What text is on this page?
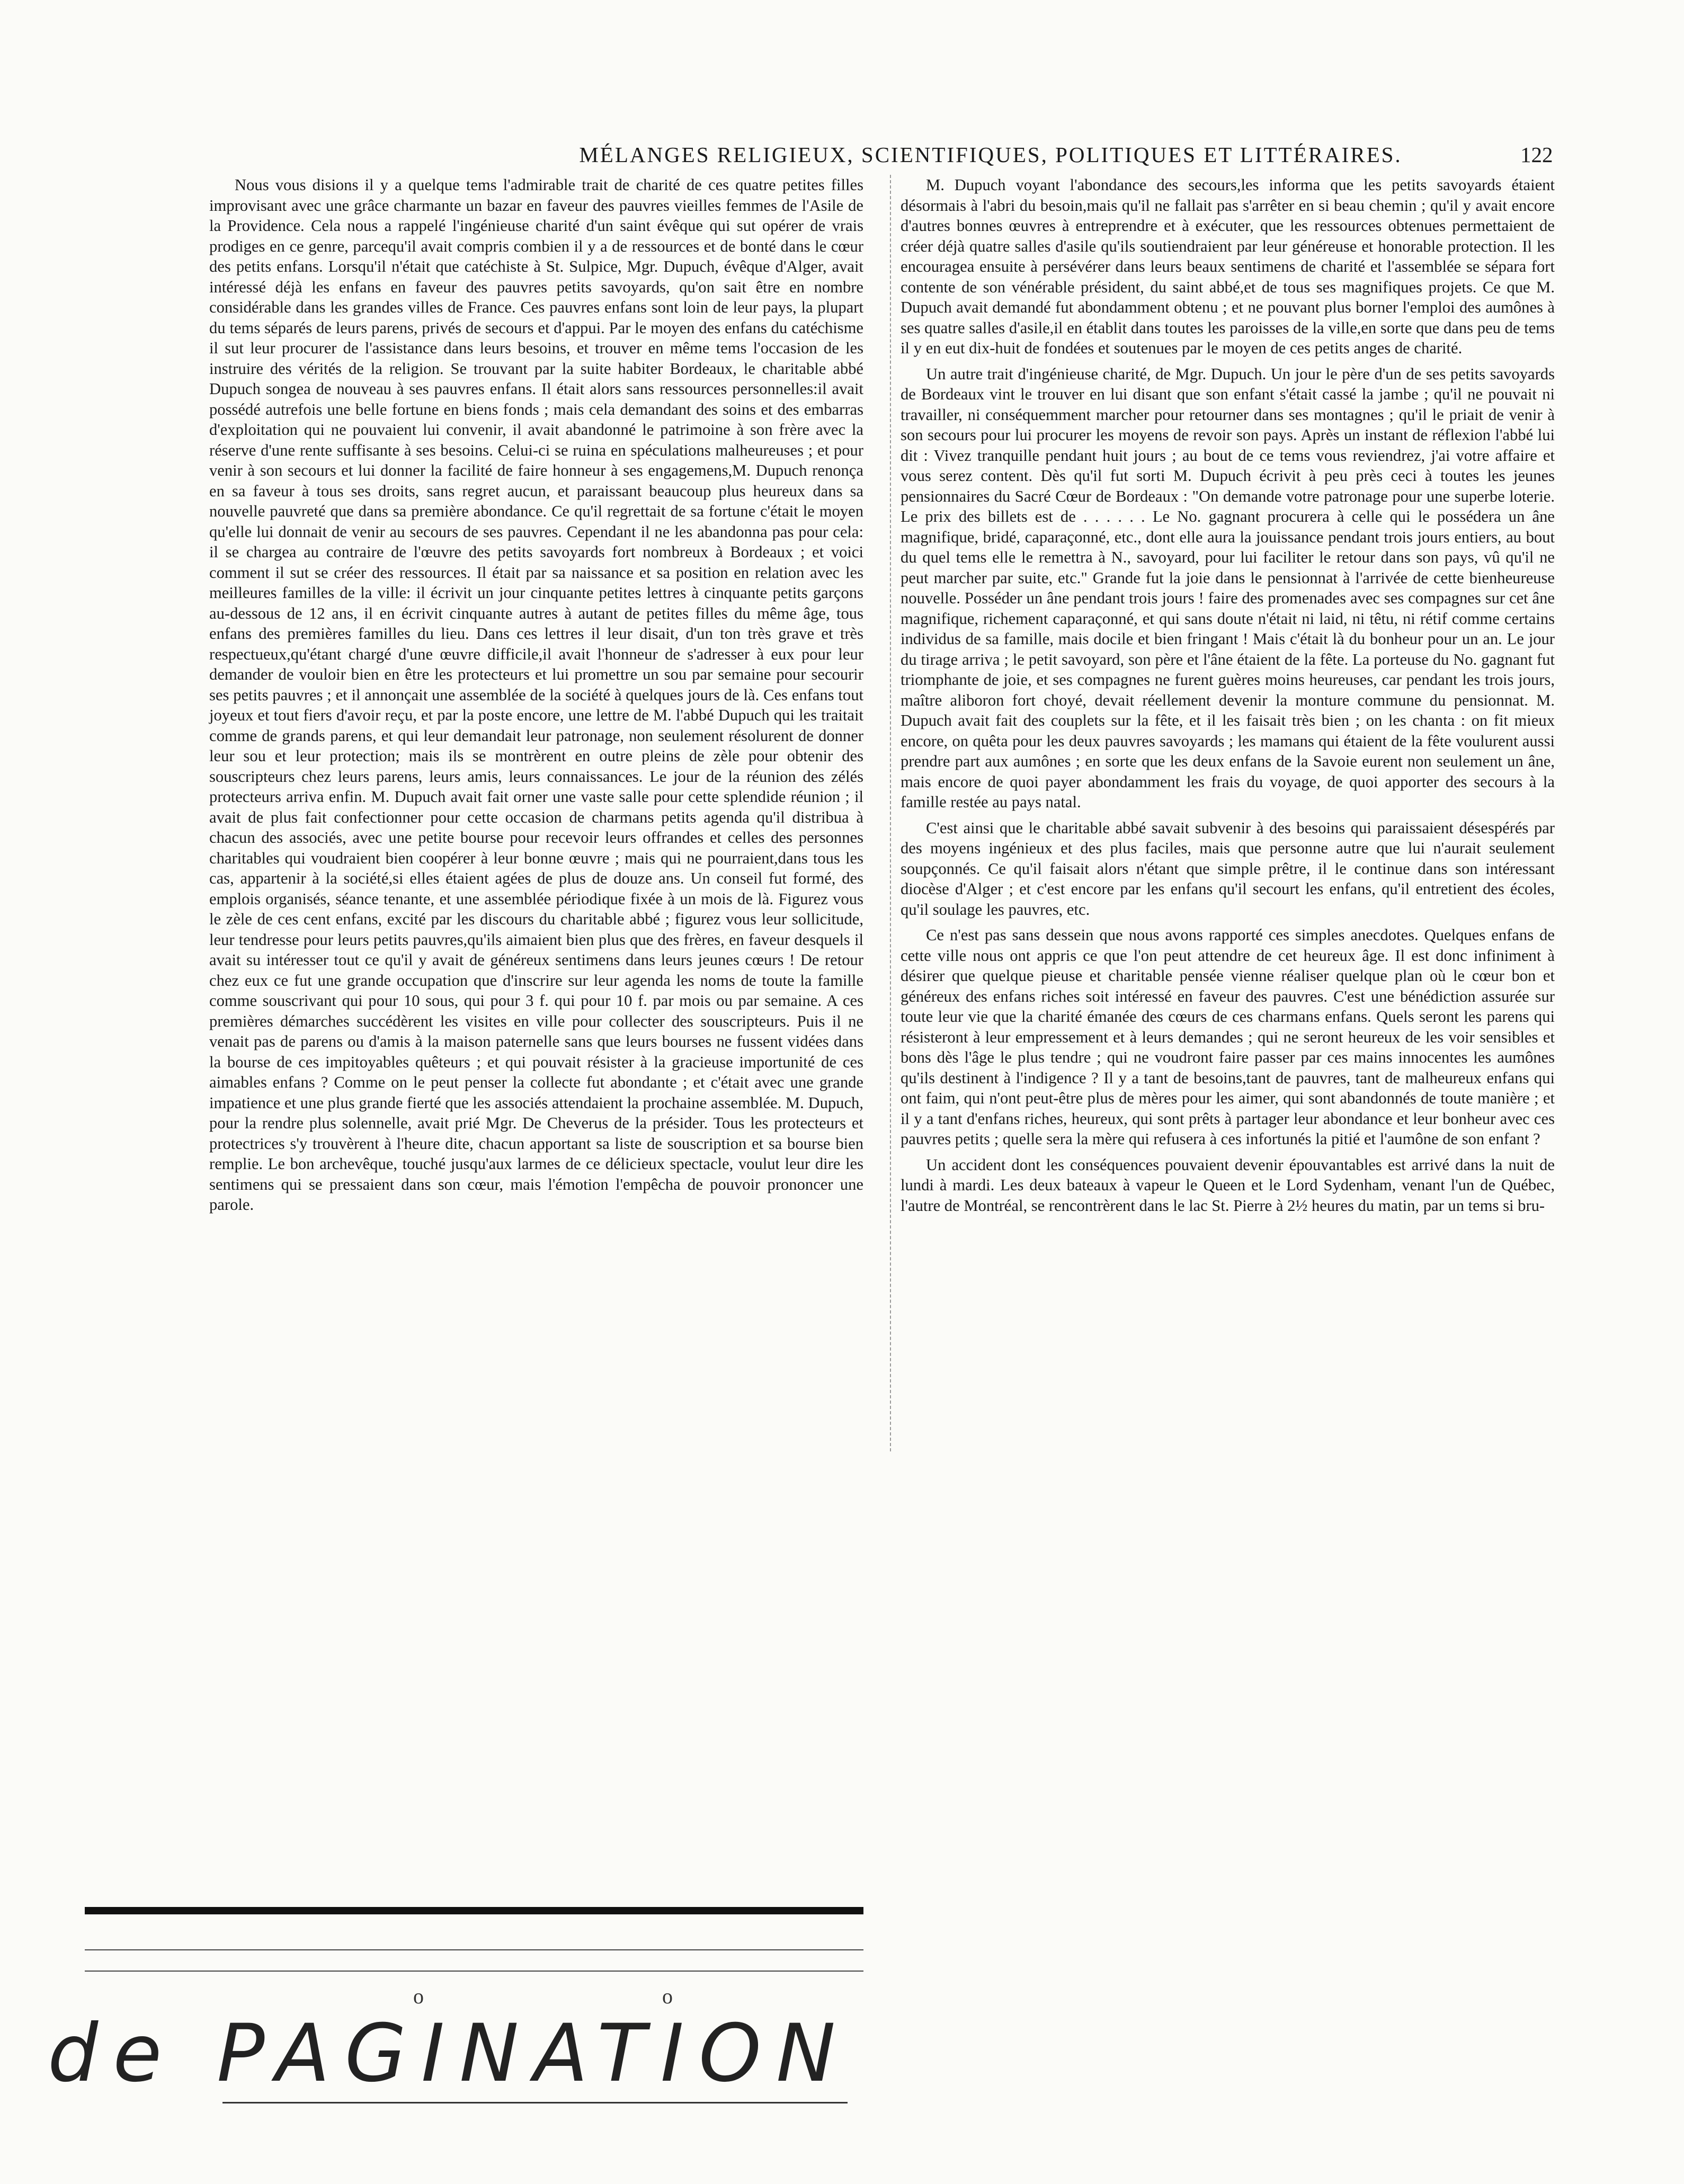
MÉLANGES RELIGIEUX, SCIENTIFIQUES, POLITIQUES ET LITTÉRAIRES.	122

Nous vous disions il y a quelque tems l'admirable trait de charité de ces quatre petites filles improvisant avec une grâce charmante un bazar en faveur des pauvres vieilles femmes de l'Asile de la Providence. Cela nous a rappelé l'ingénieuse charité d'un saint évêque qui sut opérer de vrais prodiges en ce genre, parcequ'il avait compris combien il y a de ressources et de bonté dans le cœur des petits enfans. Lorsqu'il n'était que catéchiste à St. Sulpice, Mgr. Dupuch, évêque d'Alger, avait intéressé déjà les enfans en faveur des pauvres petits savoyards, qu'on sait être en nombre considérable dans les grandes villes de France. Ces pauvres enfans sont loin de leur pays, la plupart du tems séparés de leurs parens, privés de secours et d'appui. Par le moyen des enfans du catéchisme il sut leur procurer de l'assistance dans leurs besoins, et trouver en même tems l'occasion de les instruire des vérités de la religion. Se trouvant par la suite habiter Bordeaux, le charitable abbé Dupuch songea de nouveau à ses pauvres enfans. Il était alors sans ressources personnelles:il avait possédé autrefois une belle fortune en biens fonds ; mais cela demandant des soins et des embarras d'exploitation qui ne pouvaient lui convenir, il avait abandonné le patrimoine à son frère avec la réserve d'une rente suffisante à ses besoins. Celui-ci se ruina en spéculations malheureuses ; et pour venir à son secours et lui donner la facilité de faire honneur à ses engagemens,M. Dupuch renonça en sa faveur à tous ses droits, sans regret aucun, et paraissant beaucoup plus heureux dans sa nouvelle pauvreté que dans sa première abondance. Ce qu'il regrettait de sa fortune c'était le moyen qu'elle lui donnait de venir au secours de ses pauvres. Cependant il ne les abandonna pas pour cela: il se chargea au contraire de l'œuvre des petits savoyards fort nombreux à Bordeaux ; et voici comment il sut se créer des ressources. Il était par sa naissance et sa position en relation avec les meilleures familles de la ville: il écrivit un jour cinquante petites lettres à cinquante petits garçons au-dessous de 12 ans, il en écrivit cinquante autres à autant de petites filles du même âge, tous enfans des premières familles du lieu. Dans ces lettres il leur disait, d'un ton très grave et très respectueux,qu'étant chargé d'une œuvre difficile,il avait l'honneur de s'adresser à eux pour leur demander de vouloir bien en être les protecteurs et lui promettre un sou par semaine pour secourir ses petits pauvres ; et il annonçait une assemblée de la société à quelques jours de là. Ces enfans tout joyeux et tout fiers d'avoir reçu, et par la poste encore, une lettre de M. l'abbé Dupuch qui les traitait comme de grands parens, et qui leur demandait leur patronage, non seulement résolurent de donner leur sou et leur protection; mais ils se montrèrent en outre pleins de zèle pour obtenir des souscripteurs chez leurs parens, leurs amis, leurs connaissances. Le jour de la réunion des zélés protecteurs arriva enfin. M. Dupuch avait fait orner une vaste salle pour cette splendide réunion ; il avait de plus fait confectionner pour cette occasion de charmans petits agenda qu'il distribua à chacun des associés, avec une petite bourse pour recevoir leurs offrandes et celles des personnes charitables qui voudraient bien coopérer à leur bonne œuvre ; mais qui ne pourraient,dans tous les cas, appartenir à la société,si elles étaient agées de plus de douze ans. Un conseil fut formé, des emplois organisés, séance tenante, et une assemblée périodique fixée à un mois de là. Figurez vous le zèle de ces cent enfans, excité par les discours du charitable abbé ; figurez vous leur sollicitude, leur tendresse pour leurs petits pauvres,qu'ils aimaient bien plus que des frères, en faveur desquels il avait su intéresser tout ce qu'il y avait de généreux sentimens dans leurs jeunes cœurs ! De retour chez eux ce fut une grande occupation que d'inscrire sur leur agenda les noms de toute la famille comme souscrivant qui pour 10 sous, qui pour 3 f. qui pour 10 f. par mois ou par semaine. A ces premières démarches succédèrent les visites en ville pour collecter des souscripteurs. Puis il ne venait pas de parens ou d'amis à la maison paternelle sans que leurs bourses ne fussent vidées dans la bourse de ces impitoyables quêteurs ; et qui pouvait résister à la gracieuse importunité de ces aimables enfans ? Comme on le peut penser la collecte fut abondante ; et c'était avec une grande impatience et une plus grande fierté que les associés attendaient la prochaine assemblée. M. Dupuch, pour la rendre plus solennelle, avait prié Mgr. De Cheverus de la présider. Tous les protecteurs et protectrices s'y trouvèrent à l'heure dite, chacun apportant sa liste de souscription et sa bourse bien remplie. Le bon archevêque, touché jusqu'aux larmes de ce délicieux spectacle, voulut leur dire les sentimens qui se pressaient dans son cœur, mais l'émotion l'empêcha de pouvoir prononcer une parole.

M. Dupuch voyant l'abondance des secours,les informa que les petits savoyards étaient désormais à l'abri du besoin,mais qu'il ne fallait pas s'arrêter en si beau chemin ; qu'il y avait encore d'autres bonnes œuvres à entreprendre et à exécuter, que les ressources obtenues permettaient de créer déjà quatre salles d'asile qu'ils soutiendraient par leur généreuse et honorable protection. Il les encouragea ensuite à persévérer dans leurs beaux sentimens de charité et l'assemblée se sépara fort contente de son vénérable président, du saint abbé,et de tous ses magnifiques projets. Ce que M. Dupuch avait demandé fut abondamment obtenu ; et ne pouvant plus borner l'emploi des aumônes à ses quatre salles d'asile,il en établit dans toutes les paroisses de la ville,en sorte que dans peu de tems il y en eut dix-huit de fondées et soutenues par le moyen de ces petits anges de charité.

Un autre trait d'ingénieuse charité, de Mgr. Dupuch. Un jour le père d'un de ses petits savoyards de Bordeaux vint le trouver en lui disant que son enfant s'était cassé la jambe ; qu'il ne pouvait ni travailler, ni conséquemment marcher pour retourner dans ses montagnes ; qu'il le priait de venir à son secours pour lui procurer les moyens de revoir son pays. Après un instant de réflexion l'abbé lui dit : Vivez tranquille pendant huit jours ; au bout de ce tems vous reviendrez, j'ai votre affaire et vous serez content. Dès qu'il fut sorti M. Dupuch écrivit à peu près ceci à toutes les jeunes pensionnaires du Sacré Cœur de Bordeaux : "On demande votre patronage pour une superbe loterie. Le prix des billets est de . . . . . . Le No. gagnant procurera à celle qui le possédera un âne magnifique, bridé, caparaçonné, etc., dont elle aura la jouissance pendant trois jours entiers, au bout du quel tems elle le remettra à N., savoyard, pour lui faciliter le retour dans son pays, vû qu'il ne peut marcher par suite, etc." Grande fut la joie dans le pensionnat à l'arrivée de cette bienheureuse nouvelle. Posséder un âne pendant trois jours ! faire des promenades avec ses compagnes sur cet âne magnifique, richement caparaçonné, et qui sans doute n'était ni laid, ni têtu, ni rétif comme certains individus de sa famille, mais docile et bien fringant ! Mais c'était là du bonheur pour un an. Le jour du tirage arriva ; le petit savoyard, son père et l'âne étaient de la fête. La porteuse du No. gagnant fut triomphante de joie, et ses compagnes ne furent guères moins heureuses, car pendant les trois jours, maître aliboron fort choyé, devait réellement devenir la monture commune du pensionnat. M. Dupuch avait fait des couplets sur la fête, et il les faisait très bien ; on les chanta : on fit mieux encore, on quêta pour les deux pauvres savoyards ; les mamans qui étaient de la fête voulurent aussi prendre part aux aumônes ; en sorte que les deux enfans de la Savoie eurent non seulement un âne, mais encore de quoi payer abondamment les frais du voyage, de quoi apporter des secours à la famille restée au pays natal.

C'est ainsi que le charitable abbé savait subvenir à des besoins qui paraissaient désespérés par des moyens ingénieux et des plus faciles, mais que personne autre que lui n'aurait seulement soupçonnés. Ce qu'il faisait alors n'étant que simple prêtre, il le continue dans son intéressant diocèse d'Alger ; et c'est encore par les enfans qu'il secourt les enfans, qu'il entretient des écoles, qu'il soulage les pauvres, etc.

Ce n'est pas sans dessein que nous avons rapporté ces simples anecdotes. Quelques enfans de cette ville nous ont appris ce que l'on peut attendre de cet heureux âge. Il est donc infiniment à désirer que quelque pieuse et charitable pensée vienne réaliser quelque plan où le cœur bon et généreux des enfans riches soit intéressé en faveur des pauvres. C'est une bénédiction assurée sur toute leur vie que la charité émanée des cœurs de ces charmans enfans. Quels seront les parens qui résisteront à leur empressement et à leurs demandes ; qui ne seront heureux de les voir sensibles et bons dès l'âge le plus tendre ; qui ne voudront faire passer par ces mains innocentes les aumônes qu'ils destinent à l'indigence ? Il y a tant de besoins,tant de pauvres, tant de malheureux enfans qui ont faim, qui n'ont peut-être plus de mères pour les aimer, qui sont abandonnés de toute manière ; et il y a tant d'enfans riches, heureux, qui sont prêts à partager leur abondance et leur bonheur avec ces pauvres petits ; quelle sera la mère qui refusera à ces infortunés la pitié et l'aumône de son enfant ?

Un accident dont les conséquences pouvaient devenir épouvantables est arrivé dans la nuit de lundi à mardi. Les deux bateaux à vapeur le Queen et le Lord Sydenham, venant l'un de Québec, l'autre de Montréal, se rencontrèrent dans le lac St. Pierre à 2½ heures du matin, par un tems si bru-

o	o
de PAGINATION
